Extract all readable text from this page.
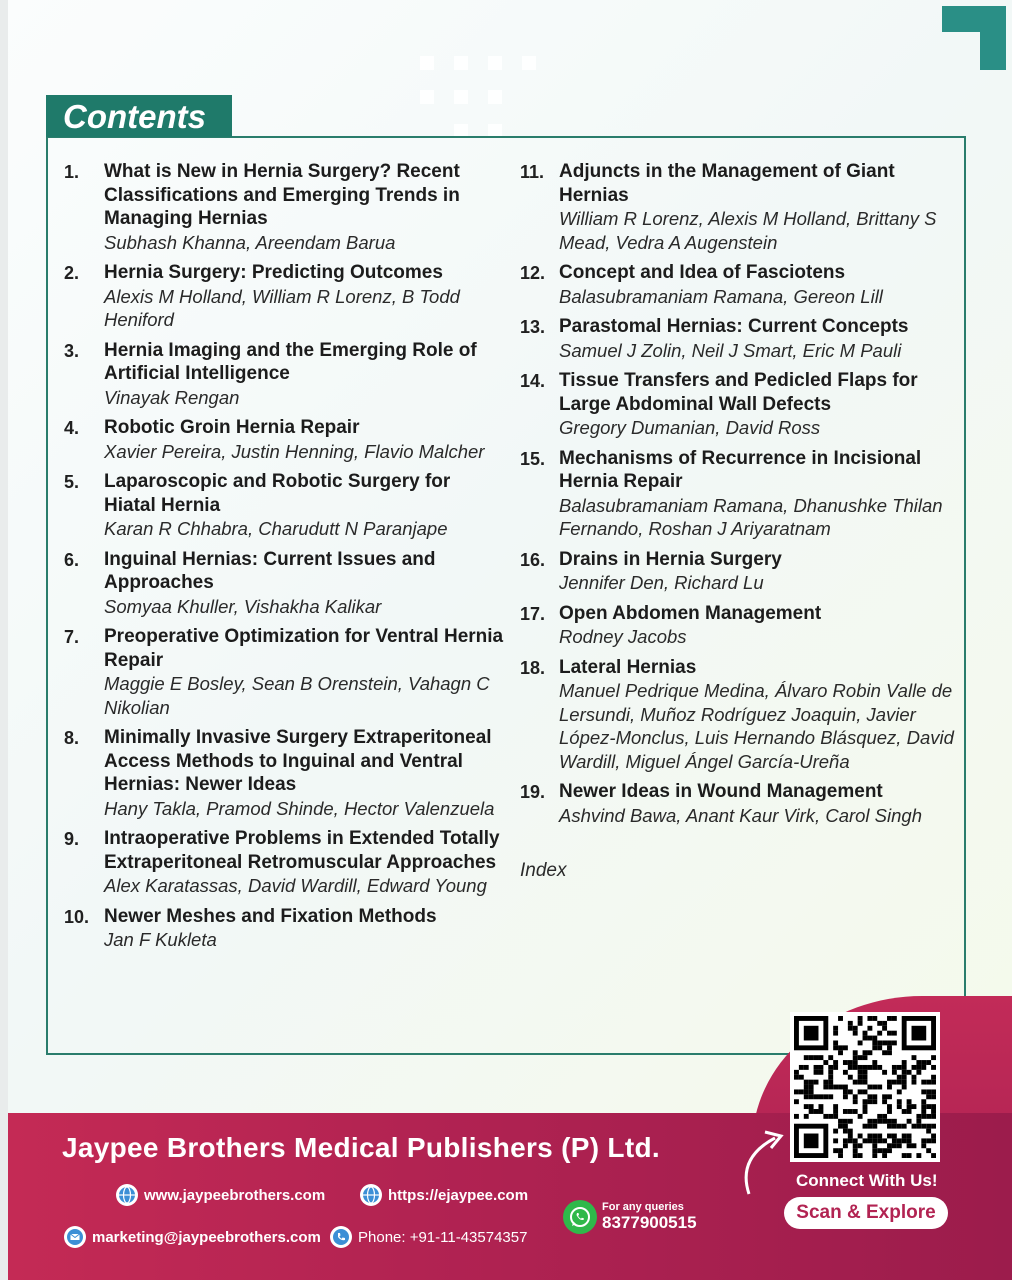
Contents
1.	What is New in Hernia Surgery? Recent Classifications and Emerging Trends in Managing Hernias
Subhash Khanna, Areendam Barua
2.	Hernia Surgery: Predicting Outcomes
Alexis M Holland, William R Lorenz, B Todd Heniford
3.	Hernia Imaging and the Emerging Role of Artificial Intelligence
Vinayak Rengan
4.	Robotic Groin Hernia Repair
Xavier Pereira, Justin Henning, Flavio Malcher
5.	Laparoscopic and Robotic Surgery for Hiatal Hernia
Karan R Chhabra, Charudutt N Paranjape
6.	Inguinal Hernias: Current Issues and Approaches
Somyaa Khuller, Vishakha Kalikar
7.	Preoperative Optimization for Ventral Hernia Repair
Maggie E Bosley, Sean B Orenstein, Vahagn C Nikolian
8.	Minimally Invasive Surgery Extraperitoneal Access Methods to Inguinal and Ventral Hernias: Newer Ideas
Hany Takla, Pramod Shinde, Hector Valenzuela
9.	Intraoperative Problems in Extended Totally Extraperitoneal Retromuscular Approaches
Alex Karatassas, David Wardill, Edward Young
10. Newer Meshes and Fixation Methods
Jan F Kukleta
11. Adjuncts in the Management of Giant Hernias
William R Lorenz, Alexis M Holland, Brittany S Mead, Vedra A Augenstein
12. Concept and Idea of Fasciotens
Balasubramaniam Ramana, Gereon Lill
13. Parastomal Hernias: Current Concepts
Samuel J Zolin, Neil J Smart, Eric M Pauli
14. Tissue Transfers and Pedicled Flaps for Large Abdominal Wall Defects
Gregory Dumanian, David Ross
15. Mechanisms of Recurrence in Incisional Hernia Repair
Balasubramaniam Ramana, Dhanushke Thilan Fernando, Roshan J Ariyaratnam
16. Drains in Hernia Surgery
Jennifer Den, Richard Lu
17. Open Abdomen Management
Rodney Jacobs
18. Lateral Hernias
Manuel Pedrique Medina, Álvaro Robin Valle de Lersundi, Muñoz Rodríguez Joaquin, Javier López-Monclus, Luis Hernando Blásquez, David Wardill, Miguel Ángel García-Ureña
19. Newer Ideas in Wound Management
Ashvind Bawa, Anant Kaur Virk, Carol Singh
Index
Jaypee Brothers Medical Publishers (P) Ltd.
www.jaypeebrothers.com	https://ejaypee.com
marketing@jaypeebrothers.com Phone: +91-11-43574357
For any queries
8377900515
Connect With Us!
Scan & Explore
